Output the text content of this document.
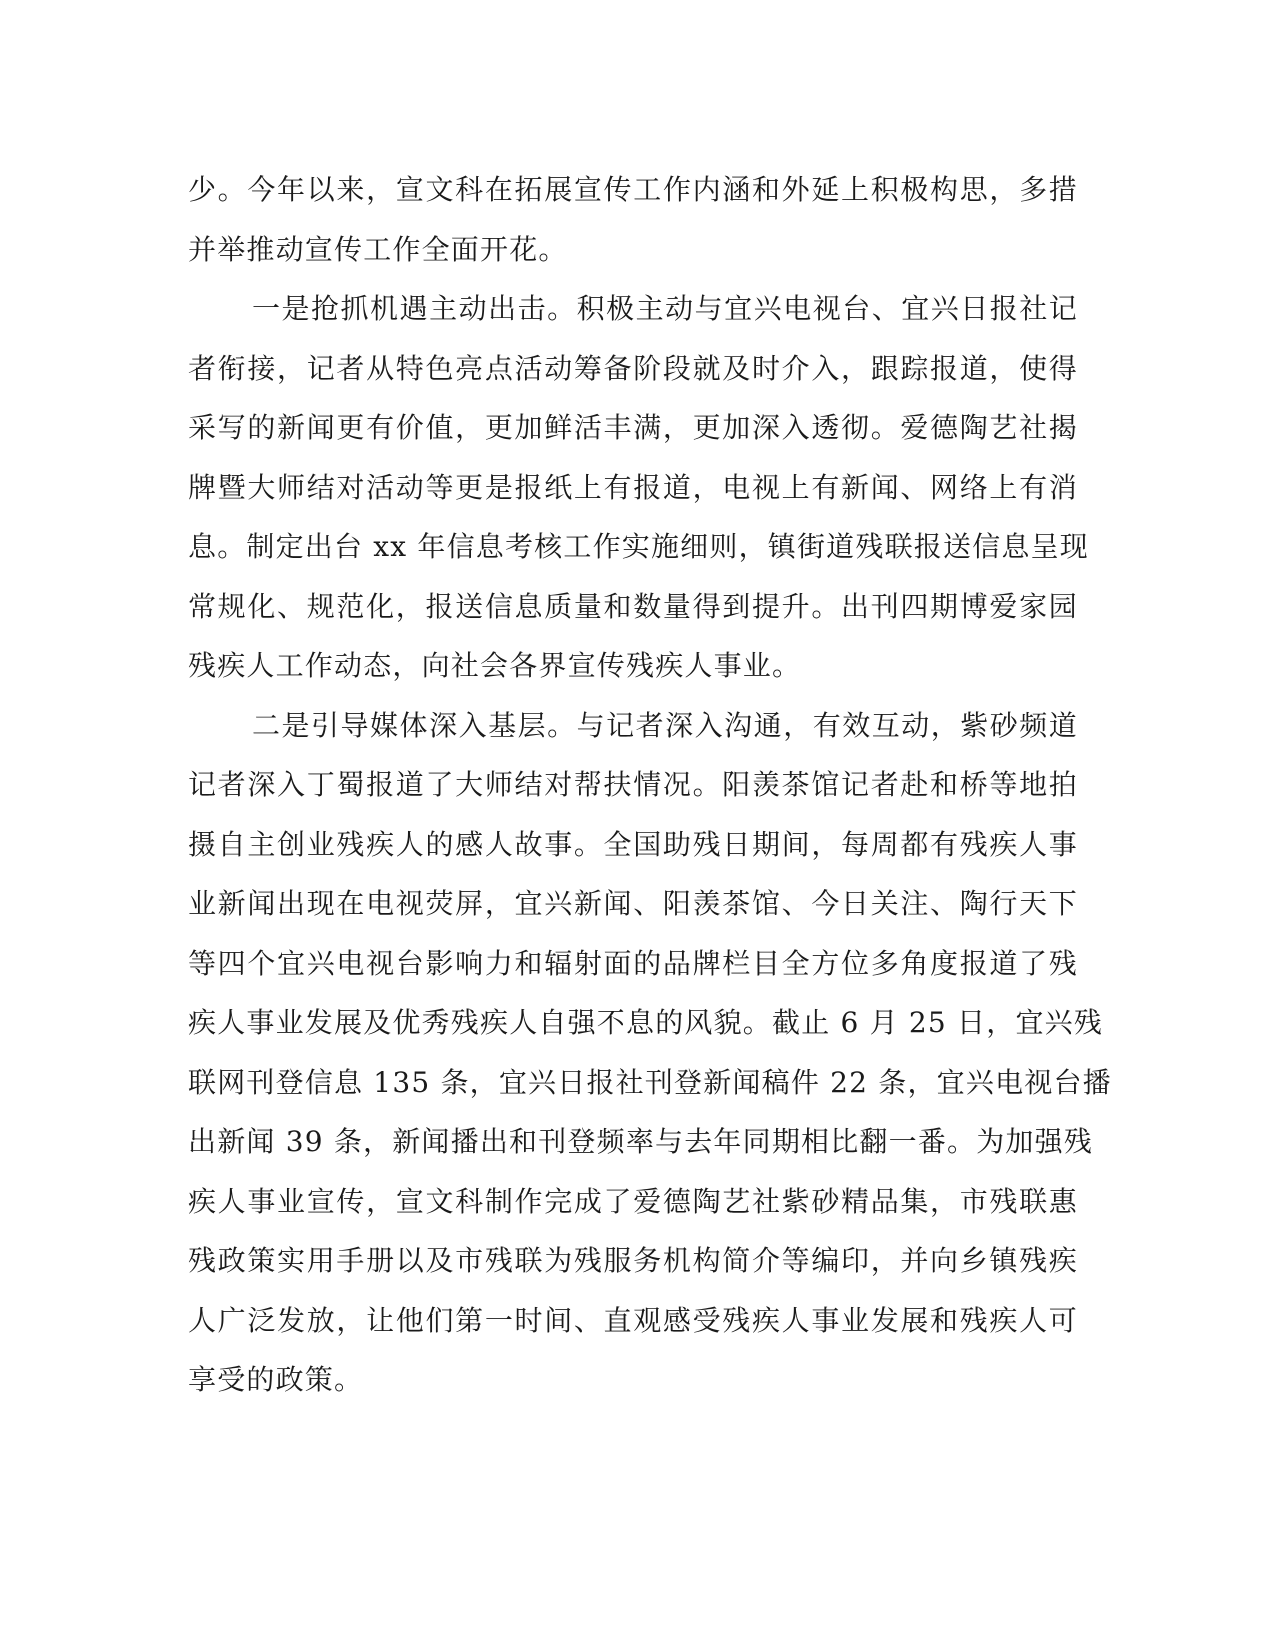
少。今年以来，宣文科在拓展宣传工作内涵和外延上积极构思，多措
并举推动宣传工作全面开花。
一是抢抓机遇主动出击。积极主动与宜兴电视台、宜兴日报社记
者衔接，记者从特色亮点活动筹备阶段就及时介入，跟踪报道，使得
采写的新闻更有价值，更加鲜活丰满，更加深入透彻。爱德陶艺社揭
牌暨大师结对活动等更是报纸上有报道，电视上有新闻、网络上有消
息。制定出台 xx 年信息考核工作实施细则，镇街道残联报送信息呈现
常规化、规范化，报送信息质量和数量得到提升。出刊四期博爱家园
残疾人工作动态，向社会各界宣传残疾人事业。
二是引导媒体深入基层。与记者深入沟通，有效互动，紫砂频道
记者深入丁蜀报道了大师结对帮扶情况。阳羡茶馆记者赴和桥等地拍
摄自主创业残疾人的感人故事。全国助残日期间，每周都有残疾人事
业新闻出现在电视荧屏，宜兴新闻、阳羡茶馆、今日关注、陶行天下
等四个宜兴电视台影响力和辐射面的品牌栏目全方位多角度报道了残
疾人事业发展及优秀残疾人自强不息的风貌。截止 6 月 25 日，宜兴残
联网刊登信息 135 条，宜兴日报社刊登新闻稿件 22 条，宜兴电视台播
出新闻 39 条，新闻播出和刊登频率与去年同期相比翻一番。为加强残
疾人事业宣传，宣文科制作完成了爱德陶艺社紫砂精品集，市残联惠
残政策实用手册以及市残联为残服务机构简介等编印，并向乡镇残疾
人广泛发放，让他们第一时间、直观感受残疾人事业发展和残疾人可
享受的政策。
